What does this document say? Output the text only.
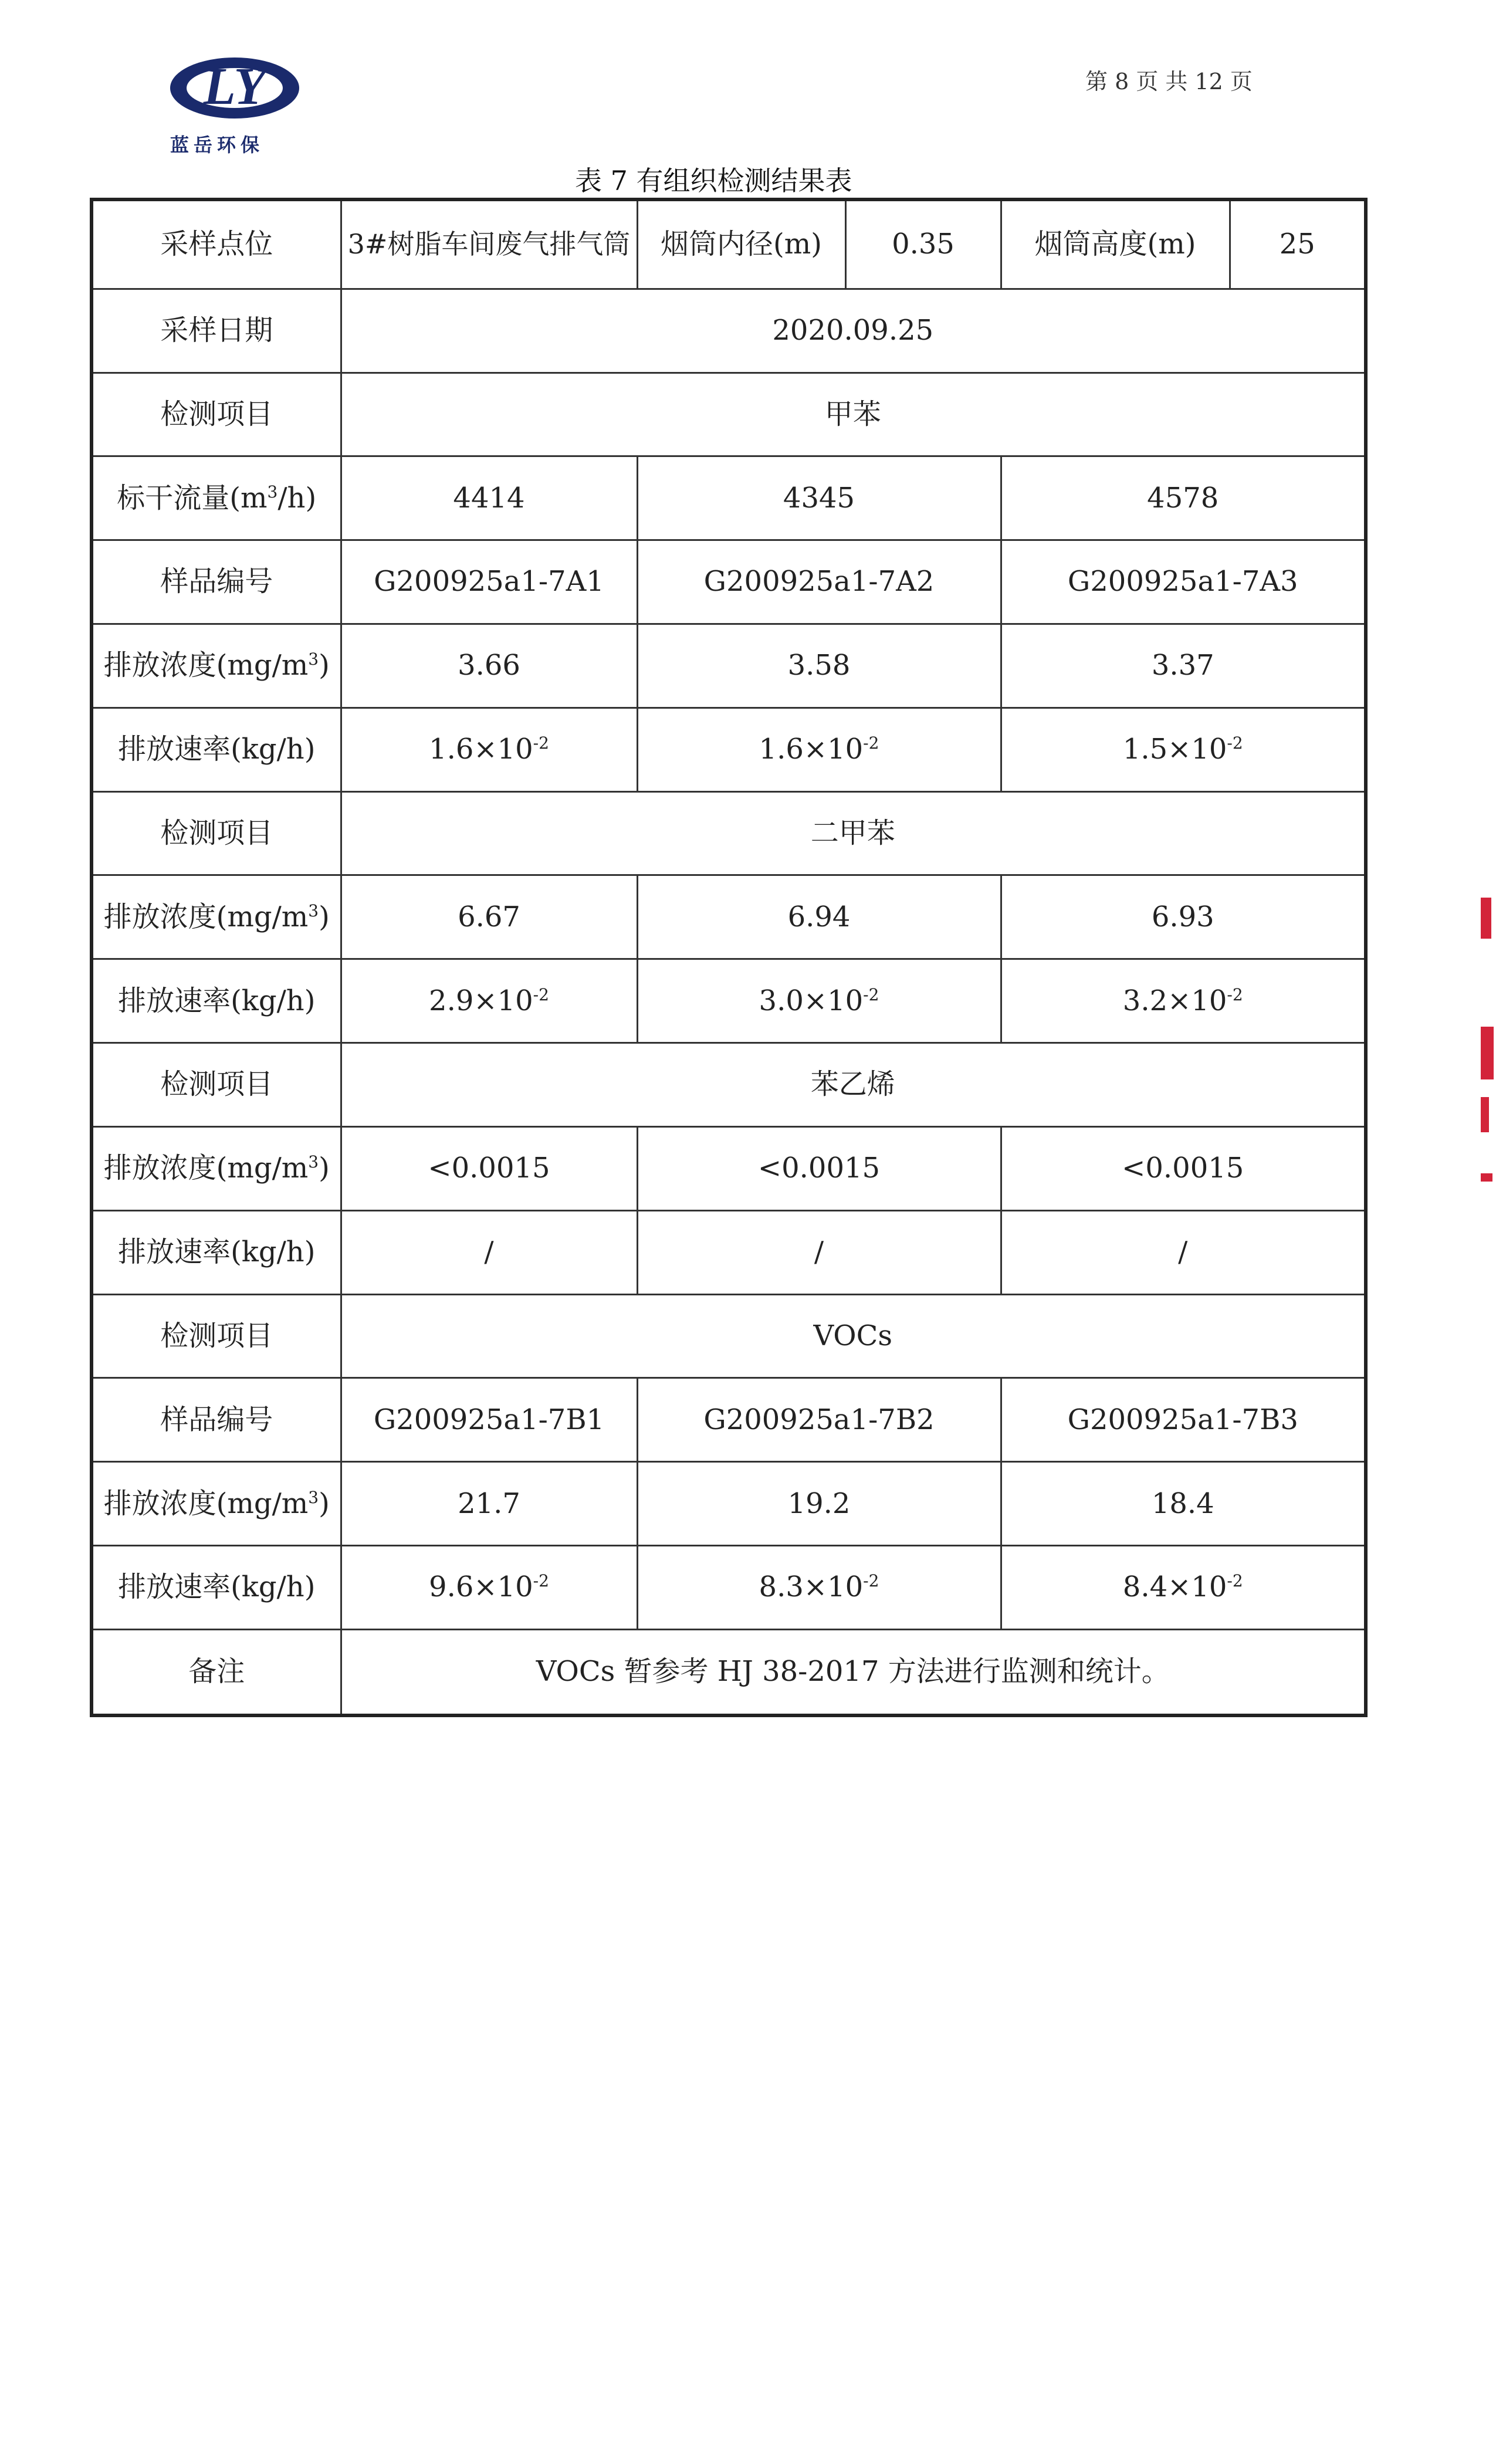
LY
蓝岳环保
第 8 页 共 12 页
表 7 有组织检测结果表
采样点位	3#树脂车间废气排气筒	烟筒内径(m)	0.35	烟筒高度(m)	25
采样日期	2020.09.25				
检测项目	甲苯				
标干流量$(m^3/h)$	4414	4345		4578	
样品编号	G200925a1-7A1	G200925a1-7A2		G200925a1-7A3	
排放浓度$(mg/m^3)$	3.66	3.58		3.37	
排放速率(kg/h)	$1.6\times 10^{-2}$	$1.6\times 10^{-2}$		$1.5\times 10^{-2}$
检测项目	二甲苯				
排放浓度$(mg/m^3)$	6.67	6.94		6.93	
排放速率(kg/h)	$2.9\times 10^{-2}$	$3.0\times 10^{-2}$		$3.2\times 10^{-2}$
检测项目	苯乙烯				
排放浓度$(mg/m^3)$	<0.0015	<0.0015		<0.0015	
排放速率(kg/h)	/	/		/	
检测项目	VOCs				
样品编号	G200925a1-7B1	G200925a1-7B2		G200925a1-7B3	
排放浓度$(mg/m^3)$	21.7	19.2		18.4	
排放速率(kg/h)	$9.6\times 10^{-2}$	$8.3\times 10^{-2}$		$8.4\times 10^{-2}$
备注	VOCs 暂参考 HJ 38-2017 方法进行监测和统计。				
